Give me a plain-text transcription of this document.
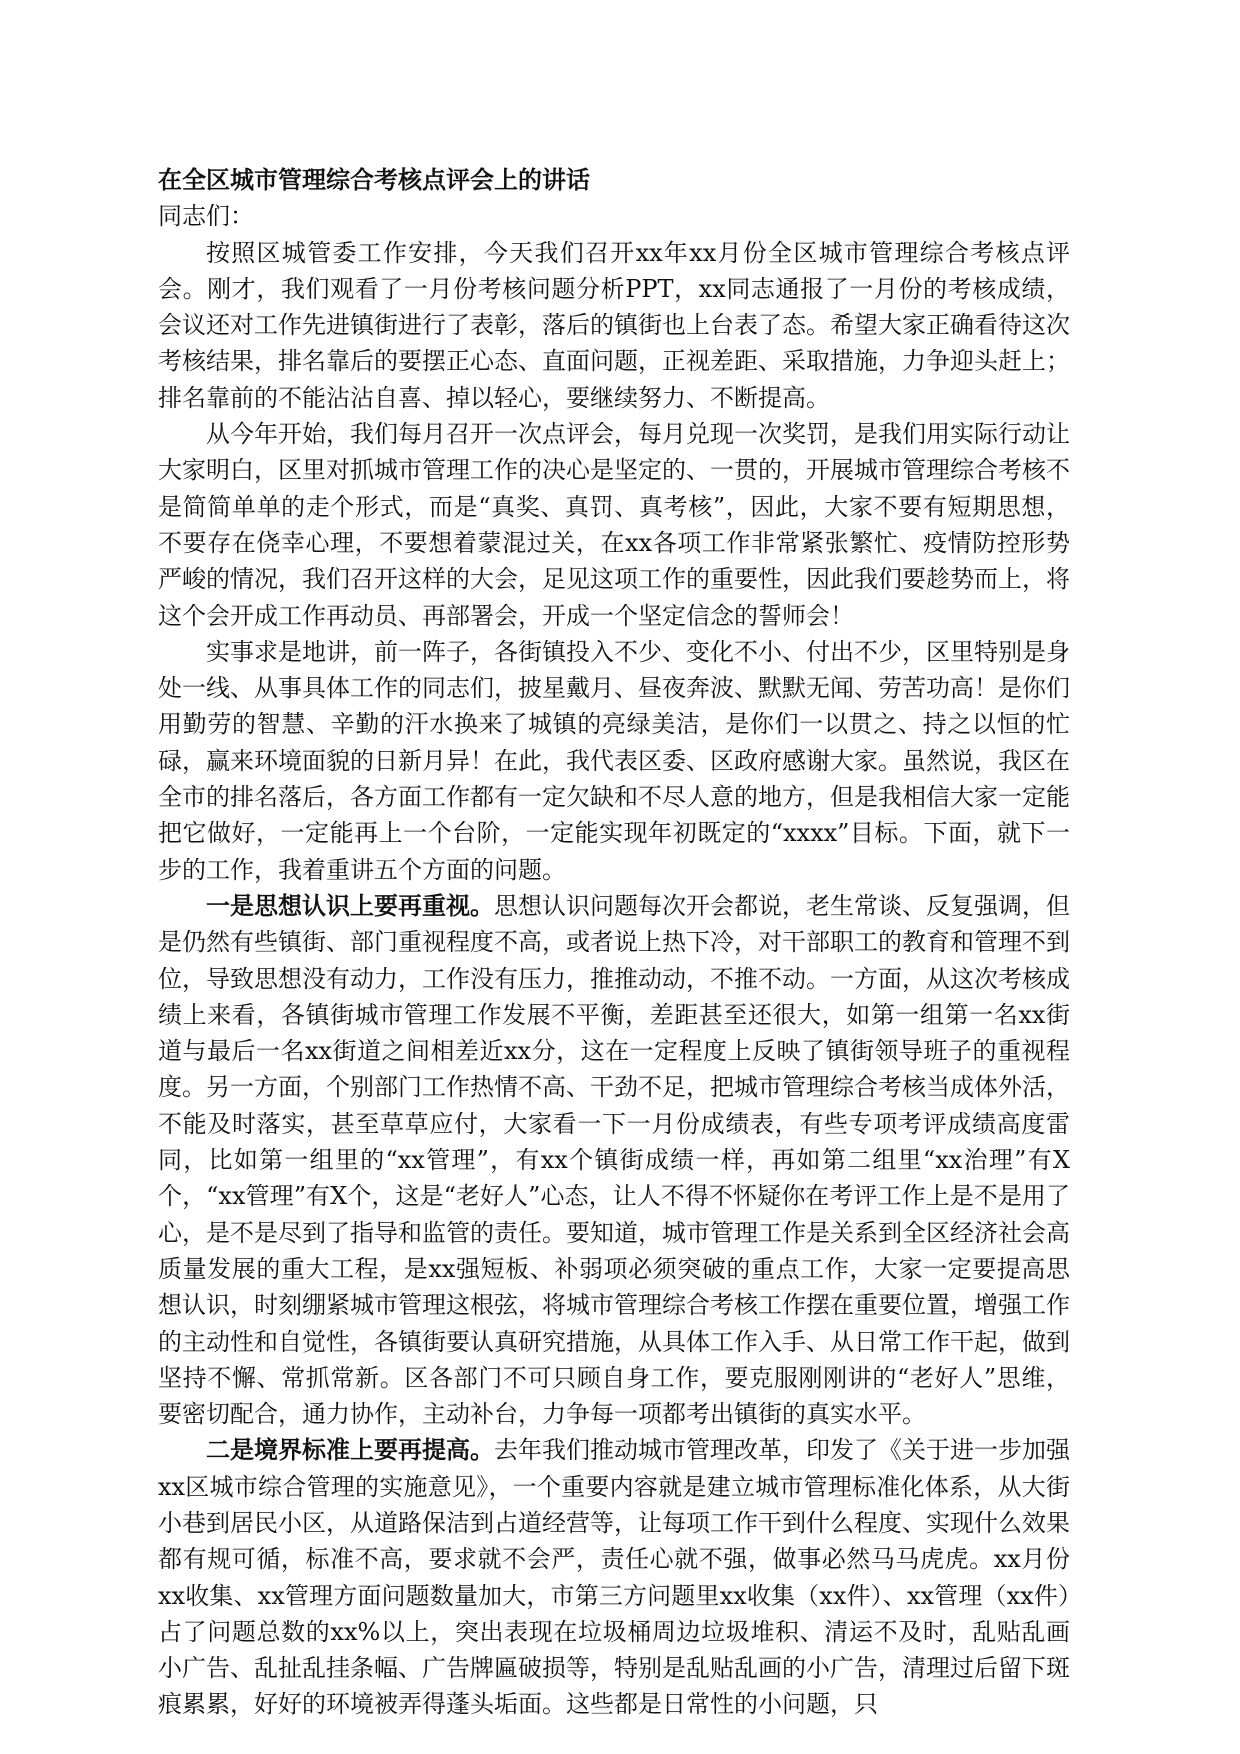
在全区城市管理综合考核点评会上的讲话

同志们：

按照区城管委工作安排，今天我们召开xx年xx月份全区城市管理综合考核点评会。刚才，我们观看了一月份考核问题分析PPT，xx同志通报了一月份的考核成绩，会议还对工作先进镇街进行了表彰，落后的镇街也上台表了态。希望大家正确看待这次考核结果，排名靠后的要摆正心态、直面问题，正视差距、采取措施，力争迎头赶上；排名靠前的不能沾沾自喜、掉以轻心，要继续努力、不断提高。

从今年开始，我们每月召开一次点评会，每月兑现一次奖罚，是我们用实际行动让大家明白，区里对抓城市管理工作的决心是坚定的、一贯的，开展城市管理综合考核不是简简单单的走个形式，而是“真奖、真罚、真考核”，因此，大家不要有短期思想，不要存在侥幸心理，不要想着蒙混过关，在xx各项工作非常紧张繁忙、疫情防控形势严峻的情况，我们召开这样的大会，足见这项工作的重要性，因此我们要趁势而上，将这个会开成工作再动员、再部署会，开成一个坚定信念的誓师会！

实事求是地讲，前一阵子，各街镇投入不少、变化不小、付出不少，区里特别是身处一线、从事具体工作的同志们，披星戴月、昼夜奔波、默默无闻、劳苦功高！是你们用勤劳的智慧、辛勤的汗水换来了城镇的亮绿美洁，是你们一以贯之、持之以恒的忙碌，赢来环境面貌的日新月异！在此，我代表区委、区政府感谢大家。虽然说，我区在全市的排名落后，各方面工作都有一定欠缺和不尽人意的地方，但是我相信大家一定能把它做好，一定能再上一个台阶，一定能实现年初既定的“xxxx”目标。下面，就下一步的工作，我着重讲五个方面的问题。

一是思想认识上要再重视。思想认识问题每次开会都说，老生常谈、反复强调，但是仍然有些镇街、部门重视程度不高，或者说上热下冷，对干部职工的教育和管理不到位，导致思想没有动力，工作没有压力，推推动动，不推不动。一方面，从这次考核成绩上来看，各镇街城市管理工作发展不平衡，差距甚至还很大，如第一组第一名xx街道与最后一名xx街道之间相差近xx分，这在一定程度上反映了镇街领导班子的重视程度。另一方面，个别部门工作热情不高、干劲不足，把城市管理综合考核当成体外活，不能及时落实，甚至草草应付，大家看一下一月份成绩表，有些专项考评成绩高度雷同，比如第一组里的“xx管理”，有xx个镇街成绩一样，再如第二组里“xx治理”有X个，“xx管理”有X个，这是“老好人”心态，让人不得不怀疑你在考评工作上是不是用了心，是不是尽到了指导和监管的责任。要知道，城市管理工作是关系到全区经济社会高质量发展的重大工程，是xx强短板、补弱项必须突破的重点工作，大家一定要提高思想认识，时刻绷紧城市管理这根弦，将城市管理综合考核工作摆在重要位置，增强工作的主动性和自觉性，各镇街要认真研究措施，从具体工作入手、从日常工作干起，做到坚持不懈、常抓常新。区各部门不可只顾自身工作，要克服刚刚讲的“老好人”思维，要密切配合，通力协作，主动补台，力争每一项都考出镇街的真实水平。

二是境界标准上要再提高。去年我们推动城市管理改革，印发了《关于进一步加强xx区城市综合管理的实施意见》，一个重要内容就是建立城市管理标准化体系，从大街小巷到居民小区，从道路保洁到占道经营等，让每项工作干到什么程度、实现什么效果都有规可循，标准不高，要求就不会严，责任心就不强，做事必然马马虎虎。xx月份xx收集、xx管理方面问题数量加大，市第三方问题里xx收集（xx件）、xx管理（xx件）占了问题总数的xx%以上，突出表现在垃圾桶周边垃圾堆积、清运不及时，乱贴乱画小广告、乱扯乱挂条幅、广告牌匾破损等，特别是乱贴乱画的小广告，清理过后留下斑痕累累，好好的环境被弄得蓬头垢面。这些都是日常性的小问题，只
